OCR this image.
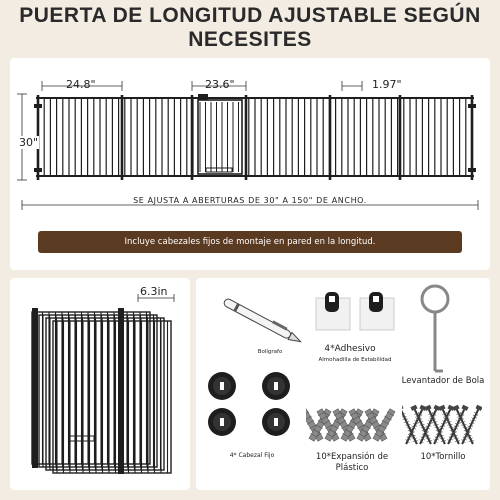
PUERTA DE LONGITUD AJUSTABLE SEGÚN
NECESITES
24.8"	23.6"	1.97"
30"
SE AJUSTA A ABERTURAS DE 30" A 150" DE ANCHO.
Incluye cabezales fijos de montaje en pared en la longitud.
6.3in
Bolígrafo	4*Adhesivo
Almohadilla de Estabilidad
Levantador de Bola
4* Cabezal Fijo	10*Expansión de
Plástico
10*Tornillo
